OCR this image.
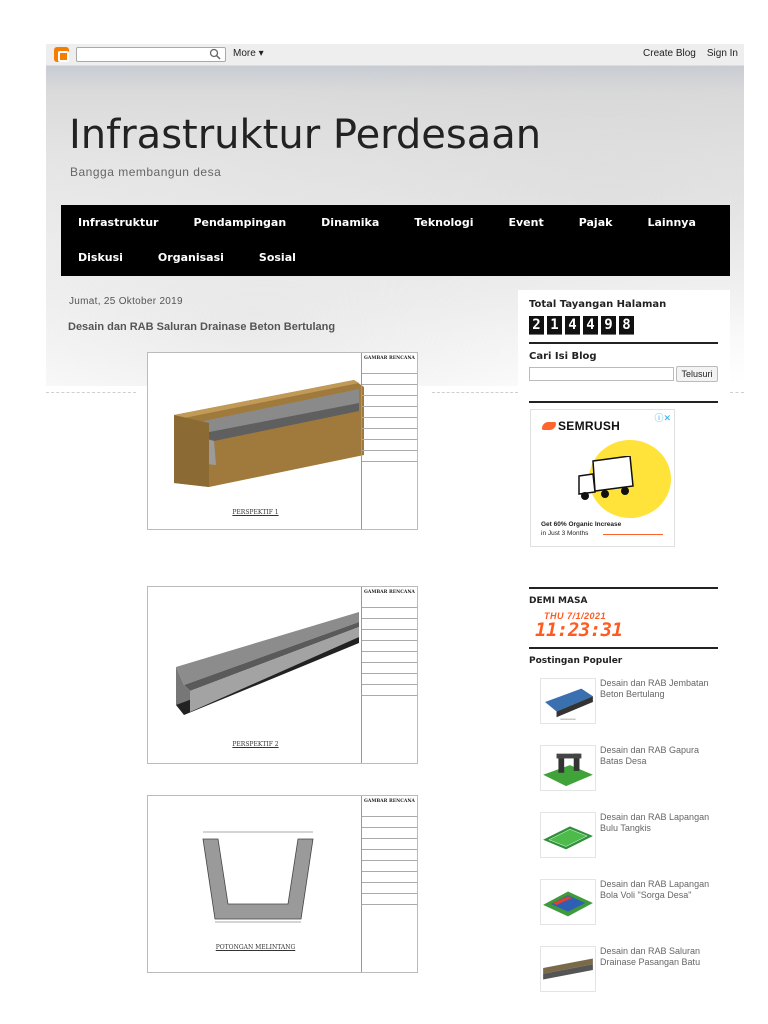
More ▾	Create Blog Sign In
Infrastruktur Perdesaan
Bangga membangun desa
Infrastruktur	Pendampingan	Dinamika	Teknologi	Event	Pajak	Lainnya
Diskusi	Organisasi	Sosial
Jumat, 25 Oktober 2019
Desain dan RAB Saluran Drainase Beton Bertulang
PERSPEKTIF 1
GAMBAR RENCANA
PERSPEKTIF 2
GAMBAR RENCANA
POTONGAN MELINTANG
GAMBAR RENCANA
Total Tayangan Halaman
2 1 4 4 9 8
Cari Isi Blog
Telusuri
SEMRUSH
ⓘ✕
Get 60% Organic Increase
in Just 3 Months
DEMI MASA
THU 7/1/2021
11:23:31
Postingan Populer
Desain dan RAB Jembatan Beton Bertulang
Desain dan RAB Gapura Batas Desa
Desain dan RAB Lapangan Bulu Tangkis
Desain dan RAB Lapangan Bola Voli "Sorga Desa"
Desain dan RAB Saluran Drainase Pasangan Batu
